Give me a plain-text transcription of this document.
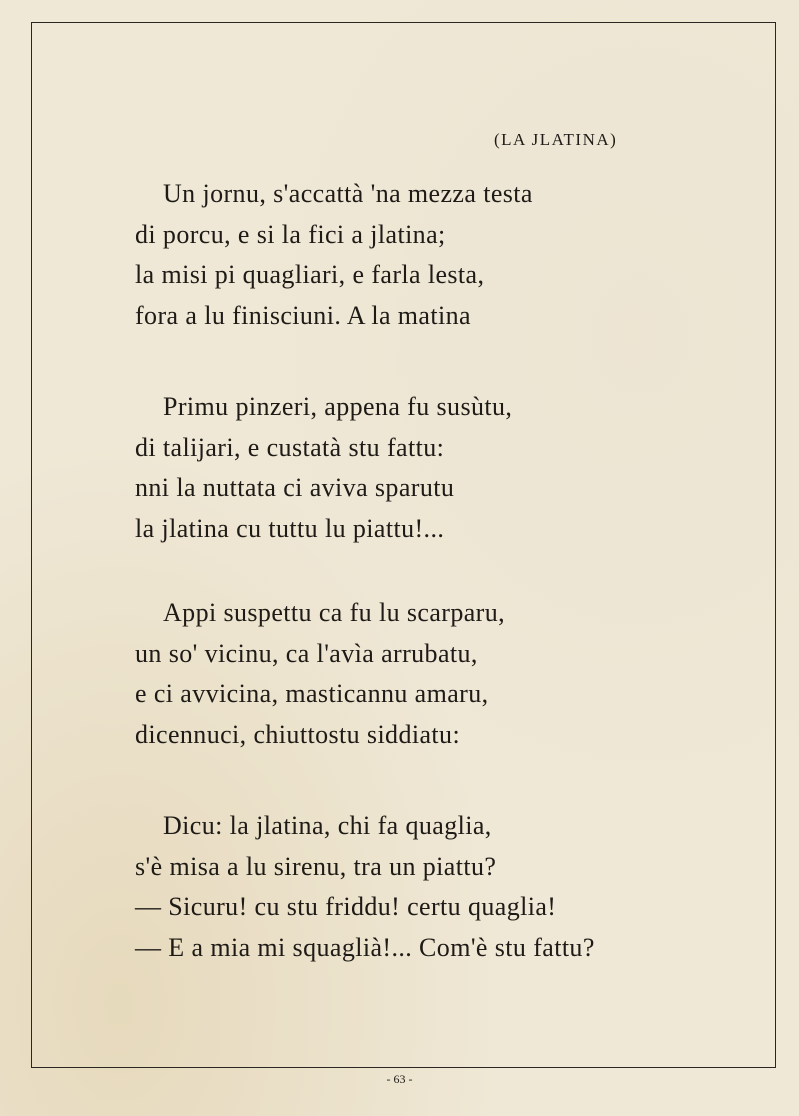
(LA JLATINA)
Un jornu, s'accattà 'na mezza testa
di porcu, e si la fici a jlatina;
la misi pi quagliari, e farla lesta,
fora a lu finisciuni. A la matina
Primu pinzeri, appena fu susùtu,
di talijari, e custatà stu fattu:
nni la nuttata ci aviva sparutu
la jlatina cu tuttu lu piattu!...
Appi suspettu ca fu lu scarparu,
un so' vicinu, ca l'avìa arrubatu,
e ci avvicina, masticannu amaru,
dicennuci, chiuttostu siddiatu:
Dicu: la jlatina, chi fa quaglia,
s'è misa a lu sirenu, tra un piattu?
— Sicuru! cu stu friddu! certu quaglia!
— E a mia mi squaglià!... Com'è stu fattu?
- 63 -
